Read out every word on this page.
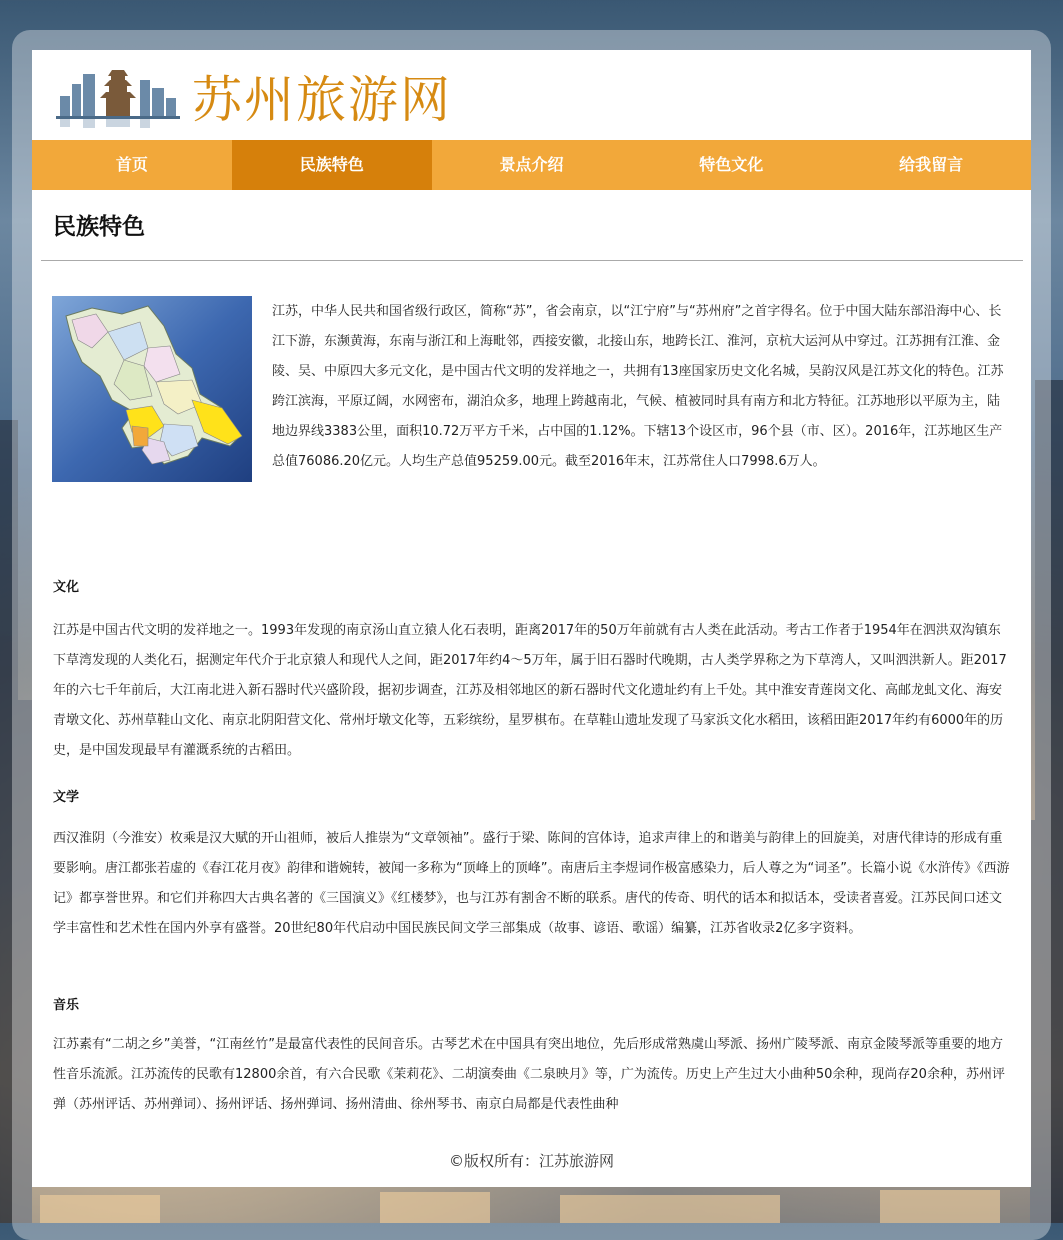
苏州旅游网
首页	民族特色	景点介绍	特色文化	给我留言
民族特色

江苏，中华人民共和国省级行政区，简称“苏”，省会南京，以“江宁府”与“苏州府”之首字得名。位于中国大陆东部沿海中心、长江下游，东濒黄海，东南与浙江和上海毗邻，西接安徽，北接山东，地跨长江、淮河，京杭大运河从中穿过。江苏拥有江淮、金陵、吴、中原四大多元文化，是中国古代文明的发祥地之一，共拥有13座国家历史文化名城，吴韵汉风是江苏文化的特色。江苏跨江滨海，平原辽阔，水网密布，湖泊众多，地理上跨越南北，气候、植被同时具有南方和北方特征。江苏地形以平原为主，陆地边界线3383公里，面积10.72万平方千米，占中国的1.12%。下辖13个设区市，96个县（市、区）。2016年，江苏地区生产总值76086.20亿元。人均生产总值95259.00元。截至2016年末，江苏常住人口7998.6万人。

文化

江苏是中国古代文明的发祥地之一。1993年发现的南京汤山直立猿人化石表明，距离2017年的50万年前就有古人类在此活动。考古工作者于1954年在泗洪双沟镇东下草湾发现的人类化石，据测定年代介于北京猿人和现代人之间，距2017年约4～5万年，属于旧石器时代晚期，古人类学界称之为下草湾人，又叫泗洪新人。距2017年的六七千年前后，大江南北进入新石器时代兴盛阶段，据初步调查，江苏及相邻地区的新石器时代文化遗址约有上千处。其中淮安青莲岗文化、高邮龙虬文化、海安青墩文化、苏州草鞋山文化、南京北阴阳营文化、常州圩墩文化等，五彩缤纷，星罗棋布。在草鞋山遗址发现了马家浜文化水稻田，该稻田距2017年约有6000年的历史，是中国发现最早有灌溉系统的古稻田。

文学

西汉淮阴（今淮安）枚乘是汉大赋的开山祖师，被后人推崇为“文章领袖”。盛行于梁、陈间的宫体诗，追求声律上的和谐美与韵律上的回旋美，对唐代律诗的形成有重要影响。唐江都张若虚的《春江花月夜》韵律和谐婉转，被闻一多称为“顶峰上的顶峰”。南唐后主李煜词作极富感染力，后人尊之为“词圣”。长篇小说《水浒传》《西游记》都享誉世界。和它们并称四大古典名著的《三国演义》《红楼梦》，也与江苏有割舍不断的联系。唐代的传奇、明代的话本和拟话本，受读者喜爱。江苏民间口述文学丰富性和艺术性在国内外享有盛誉。20世纪80年代启动中国民族民间文学三部集成（故事、谚语、歌谣）编纂，江苏省收录2亿多字资料。

音乐

江苏素有“二胡之乡”美誉，“江南丝竹”是最富代表性的民间音乐。古琴艺术在中国具有突出地位，先后形成常熟虞山琴派、扬州广陵琴派、南京金陵琴派等重要的地方性音乐流派。江苏流传的民歌有12800余首，有六合民歌《茉莉花》、二胡演奏曲《二泉映月》等，广为流传。历史上产生过大小曲种50余种，现尚存20余种，苏州评弹（苏州评话、苏州弹词）、扬州评话、扬州弹词、扬州清曲、徐州琴书、南京白局都是代表性曲种

©版权所有：江苏旅游网
